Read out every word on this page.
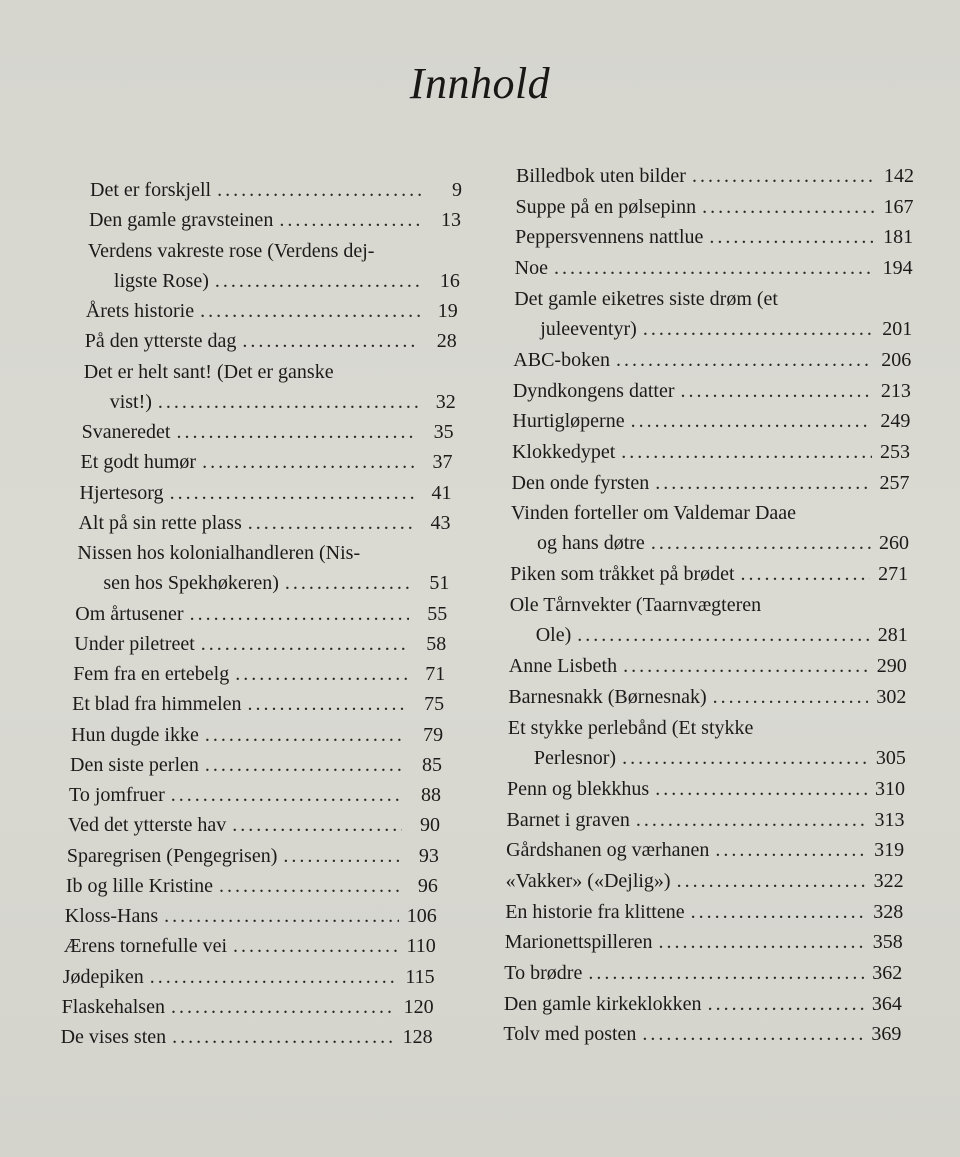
Innhold
Det er forskjell .....	9
Den gamle gravsteinen .....	13
Verdens vakreste rose (Verdens dej-
ligste Rose) .....	16
Årets historie .....	19
På den ytterste dag .....	28
Det er helt sant! (Det er ganske
vist!) .....	32
Svaneredet .....	35
Et godt humør .....	37
Hjertesorg .....	41
Alt på sin rette plass .....	43
Nissen hos kolonialhandleren (Nis-
sen hos Spekhøkeren) .....	51
Om årtusener .....	55
Under piletreet .....	58
Fem fra en ertebelg .....	71
Et blad fra himmelen .....	75
Hun dugde ikke .....	79
Den siste perlen .....	85
To jomfruer .....	88
Ved det ytterste hav .....	90
Sparegrisen (Pengegrisen) .....	93
Ib og lille Kristine .....	96
Kloss-Hans .....	106
Ærens tornefulle vei .....	110
Jødepiken .....	115
Flaskehalsen .....	120
De vises sten .....	128
Billedbok uten bilder .....	142
Suppe på en pølsepinn .....	167
Peppersvennens nattlue .....	181
Noe .....	194
Det gamle eiketres siste drøm (et
juleeventyr) .....	201
ABC-boken .....	206
Dyndkongens datter .....	213
Hurtigløperne .....	249
Klokkedypet .....	253
Den onde fyrsten .....	257
Vinden forteller om Valdemar Daae
og hans døtre .....	260
Piken som tråkket på brødet .....	271
Ole Tårnvekter (Taarnvægteren
Ole) .....	281
Anne Lisbeth .....	290
Barnesnakk (Børnesnak) .....	302
Et stykke perlebånd (Et stykke
Perlesnor) .....	305
Penn og blekkhus .....	310
Barnet i graven .....	313
Gårdshanen og værhanen .....	319
«Vakker» («Dejlig») .....	322
En historie fra klittene .....	328
Marionettspilleren .....	358
To brødre .....	362
Den gamle kirkeklokken .....	364
Tolv med posten .....	369
